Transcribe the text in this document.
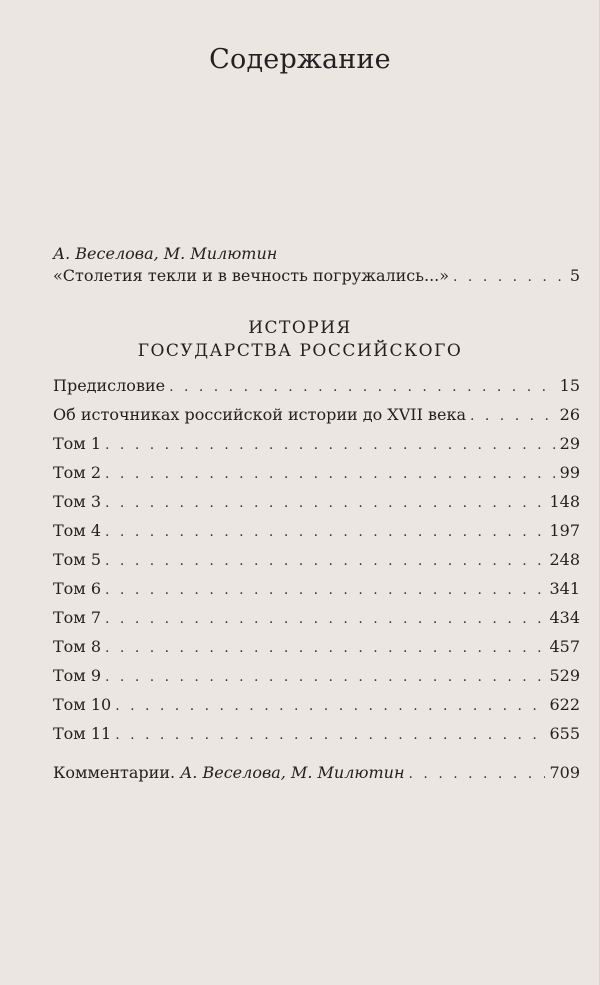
Содержание
А. Веселова, М. Милютин
«Столетия текли и в вечность погружались...» . . .	5
ИСТОРИЯ
ГОСУДАРСТВА РОССИЙСКОГО
Предисловие . . .	15
Об источниках российской истории до XVII века . . .	26
Том 1 . . .	29
Том 2 . . .	99
Том 3 . . .	148
Том 4 . . .	197
Том 5 . . .	248
Том 6 . . .	341
Том 7 . . .	434
Том 8 . . .	457
Том 9 . . .	529
Том 10 . . .	622
Том 11 . . .	655
Комментарии. А. Веселова, М. Милютин . . .	709
